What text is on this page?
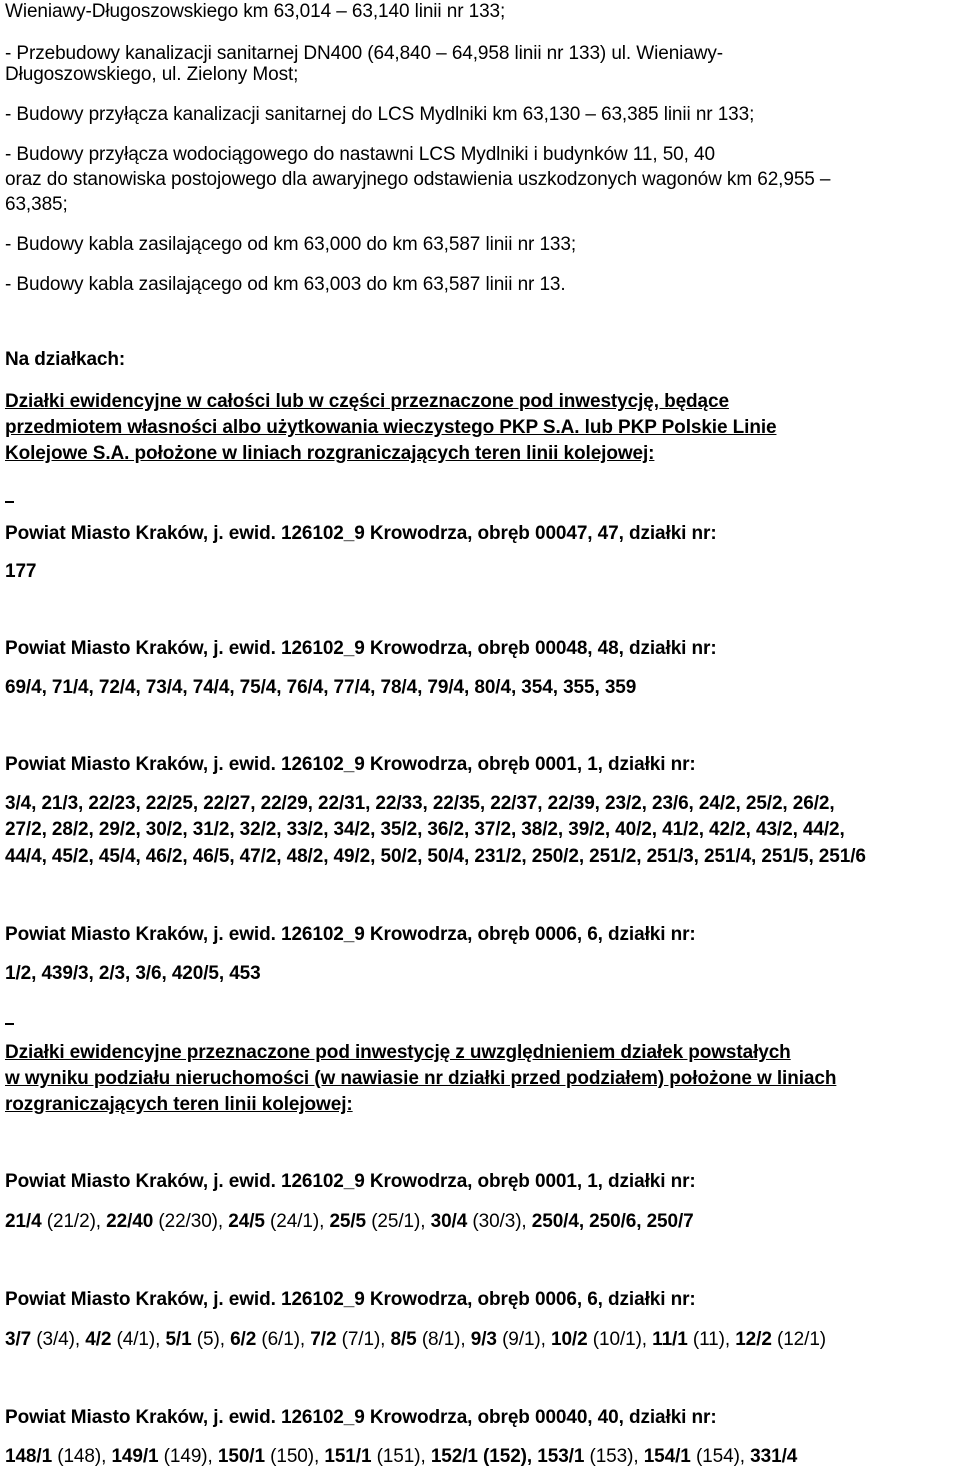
Wieniawy-Długoszowskiego km 63,014 – 63,140 linii nr 133;
- Przebudowy kanalizacji sanitarnej DN400 (64,840 – 64,958 linii nr 133) ul. Wieniawy-
Długoszowskiego, ul. Zielony Most;
- Budowy przyłącza kanalizacji sanitarnej do LCS Mydlniki km 63,130 – 63,385 linii nr 133;
- Budowy przyłącza wodociągowego do nastawni LCS Mydlniki i budynków 11, 50, 40
oraz do stanowiska postojowego dla awaryjnego odstawienia uszkodzonych wagonów km 62,955 –
63,385;
- Budowy kabla zasilającego od km 63,000 do km 63,587 linii nr 133;
- Budowy kabla zasilającego od km 63,003 do km 63,587 linii nr 13.
Na działkach:
Działki ewidencyjne w całości lub w części przeznaczone pod inwestycję, będące
przedmiotem własności albo użytkowania wieczystego PKP S.A. lub PKP Polskie Linie
Kolejowe S.A. położone w liniach rozgraniczających teren linii kolejowej:
Powiat Miasto Kraków, j. ewid. 126102_9 Krowodrza, obręb 00047, 47, działki nr:
177
Powiat Miasto Kraków, j. ewid. 126102_9 Krowodrza, obręb 00048, 48, działki nr:
69/4, 71/4, 72/4, 73/4, 74/4, 75/4, 76/4, 77/4, 78/4, 79/4, 80/4, 354, 355, 359
Powiat Miasto Kraków, j. ewid. 126102_9 Krowodrza, obręb 0001, 1, działki nr:
3/4, 21/3, 22/23, 22/25, 22/27, 22/29, 22/31, 22/33, 22/35, 22/37, 22/39, 23/2, 23/6, 24/2, 25/2, 26/2,
27/2, 28/2, 29/2, 30/2, 31/2, 32/2, 33/2, 34/2, 35/2, 36/2, 37/2, 38/2, 39/2, 40/2, 41/2, 42/2, 43/2, 44/2,
44/4, 45/2, 45/4, 46/2, 46/5, 47/2, 48/2, 49/2, 50/2, 50/4, 231/2, 250/2, 251/2, 251/3, 251/4, 251/5, 251/6
Powiat Miasto Kraków, j. ewid. 126102_9 Krowodrza, obręb 0006, 6, działki nr:
1/2, 439/3, 2/3, 3/6, 420/5, 453
Działki ewidencyjne przeznaczone pod inwestycję z uwzględnieniem działek powstałych
w wyniku podziału nieruchomości (w nawiasie nr działki przed podziałem) położone w liniach
rozgraniczających teren linii kolejowej:
Powiat Miasto Kraków, j. ewid. 126102_9 Krowodrza, obręb 0001, 1, działki nr:
21/4 (21/2), 22/40 (22/30), 24/5 (24/1), 25/5 (25/1), 30/4 (30/3), 250/4, 250/6, 250/7
Powiat Miasto Kraków, j. ewid. 126102_9 Krowodrza, obręb 0006, 6, działki nr:
3/7 (3/4), 4/2 (4/1), 5/1 (5), 6/2 (6/1), 7/2 (7/1), 8/5 (8/1), 9/3 (9/1), 10/2 (10/1), 11/1 (11), 12/2 (12/1)
Powiat Miasto Kraków, j. ewid. 126102_9 Krowodrza, obręb 00040, 40, działki nr:
148/1 (148), 149/1 (149), 150/1 (150), 151/1 (151), 152/1 (152), 153/1 (153), 154/1 (154), 331/4
